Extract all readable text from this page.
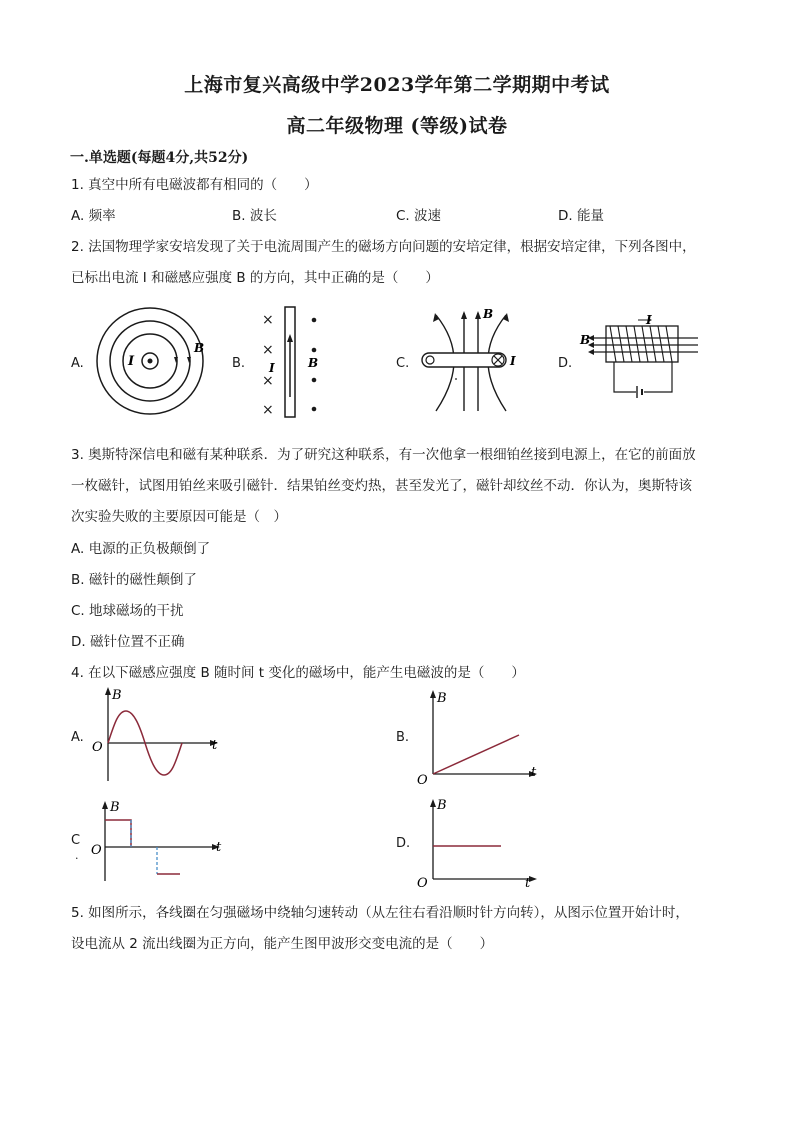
上海市复兴高级中学2023学年第二学期期中考试
高二年级物理 (等级)试卷
一.单选题(每题4分,共52分)
1. 真空中所有电磁波都有相同的（　　）
A. 频率	B. 波长	C. 波速	D. 能量
2. 法国物理学家安培发现了关于电流周围产生的磁场方向问题的安培定律，根据安培定律，下列各图中，
已标出电流 I 和磁感应强度 B 的方向，其中正确的是（　　）
A.	B.	C.	D.
I
B
×
×
×
×
I	B	I
B	I
B
3. 奥斯特深信电和磁有某种联系．为了研究这种联系，有一次他拿一根细铂丝接到电源上，在它的前面放
一枚磁针，试图用铂丝来吸引磁针．结果铂丝变灼热，甚至发光了，磁针却纹丝不动．你认为，奥斯特该
次实验失败的主要原因可能是（　）
A. 电源的正负极颠倒了
B. 磁针的磁性颠倒了
C. 地球磁场的干扰
D. 磁针位置不正确
4. 在以下磁感应强度 B 随时间 t 变化的磁场中，能产生电磁波的是（　　）
A.	B.
C	D.
B
O	t
B
O
t
B
O	t
.
B
O	t
5. 如图所示，各线圈在匀强磁场中绕轴匀速转动（从左往右看沿顺时针方向转），从图示位置开始计时，
设电流从 2 流出线圈为正方向，能产生图甲波形交变电流的是（　　）
